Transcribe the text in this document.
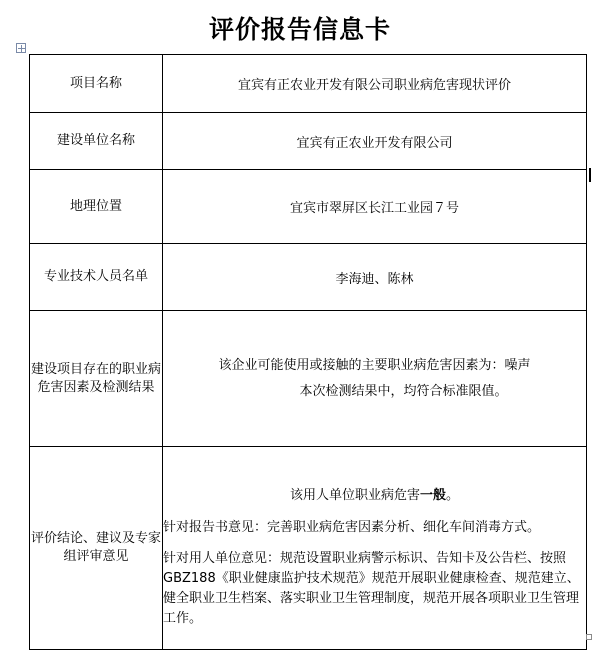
评价报告信息卡
项目名称	宜宾有正农业开发有限公司职业病危害现状评价
建设单位名称	宜宾有正农业开发有限公司
地理位置	宜宾市翠屏区长江工业园７号
专业技术人员名单	李海迪、陈林
建设项目存在的职业病危害因素及检测结果	该企业可能使用或接触的主要职业病危害因素为：噪声
本次检测结果中，均符合标准限值。

评价结论、建议及专家组评审意见	该用人单位职业病危害一般。
针对报告书意见：完善职业病危害因素分析、细化车间消毒方式。
针对用人单位意见：规范设置职业病警示标识、告知卡及公告栏、按照GBZ188《职业健康监护技术规范》规范开展职业健康检查、规范建立、健全职业卫生档案、落实职业卫生管理制度，规范开展各项职业卫生管理工作。
